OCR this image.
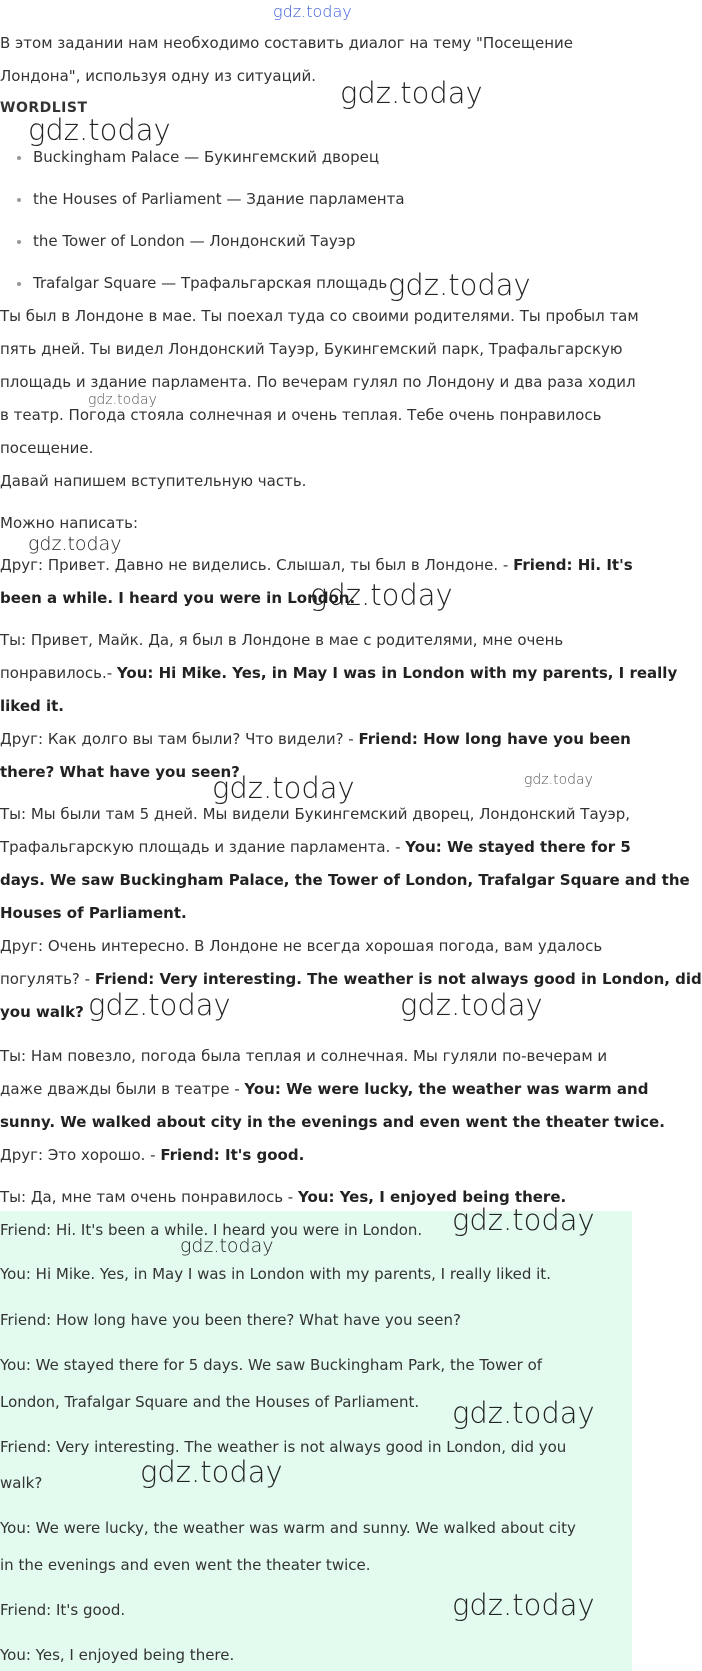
gdz.today
В этом задании нам необходимо составить диалог на тему "Посещение
Лондона", используя одну из ситуаций.
WORDLIST
Buckingham Palace — Букингемский дворец
the Houses of Parliament — Здание парламента
the Tower of London — Лондонский Тауэр
Trafalgar Square — Трафальгарская площадь
Ты был в Лондоне в мае. Ты поехал туда со своими родителями. Ты пробыл там
пять дней. Ты видел Лондонский Тауэр, Букингемский парк, Трафальгарскую
площадь и здание парламента. По вечерам гулял по Лондону и два раза ходил
в театр. Погода стояла солнечная и очень теплая. Тебе очень понравилось
посещение.
Давай напишем вступительную часть.
Можно написать:
Друг: Привет. Давно не виделись. Слышал, ты был в Лондоне. - Friend: Hi. It's
been a while. I heard you were in London.
Ты: Привет, Майк. Да, я был в Лондоне в мае с родителями, мне очень
понравилось.- You: Hi Mike. Yes, in May I was in London with my parents, I really
liked it.
Друг: Как долго вы там были? Что видели? - Friend: How long have you been
there? What have you seen?
Ты: Мы были там 5 дней. Мы видели Букингемский дворец, Лондонский Тауэр,
Трафальгарскую площадь и здание парламента. - You: We stayed there for 5
days. We saw Buckingham Palace, the Tower of London, Trafalgar Square and the
Houses of Parliament.
Друг: Очень интересно. В Лондоне не всегда хорошая погода, вам удалось
погулять? - Friend: Very interesting. The weather is not always good in London, did
you walk?
Ты: Нам повезло, погода была теплая и солнечная. Мы гуляли по-вечерам и
даже дважды были в театре - You: We were lucky, the weather was warm and
sunny. We walked about city in the evenings and even went the theater twice.
Друг: Это хорошо. - Friend: It's good.
Ты: Да, мне там очень понравилось - You: Yes, I enjoyed being there.
Friend: Hi. It's been a while. I heard you were in London.
You: Hi Mike. Yes, in May I was in London with my parents, I really liked it.
Friend: How long have you been there? What have you seen?
You: We stayed there for 5 days. We saw Buckingham Park, the Tower of
London, Trafalgar Square and the Houses of Parliament.
Friend: Very interesting. The weather is not always good in London, did you
walk?
You: We were lucky, the weather was warm and sunny. We walked about city
in the evenings and even went the theater twice.
Friend: It's good.
You: Yes, I enjoyed being there.
gdz.today
gdz.today
gdz.today
gdz.today
gdz.today
gdz.today
gdz.today	gdz.today
gdz.today	gdz.today
gdz.today
gdz.today
gdz.today
gdz.today
gdz.today
